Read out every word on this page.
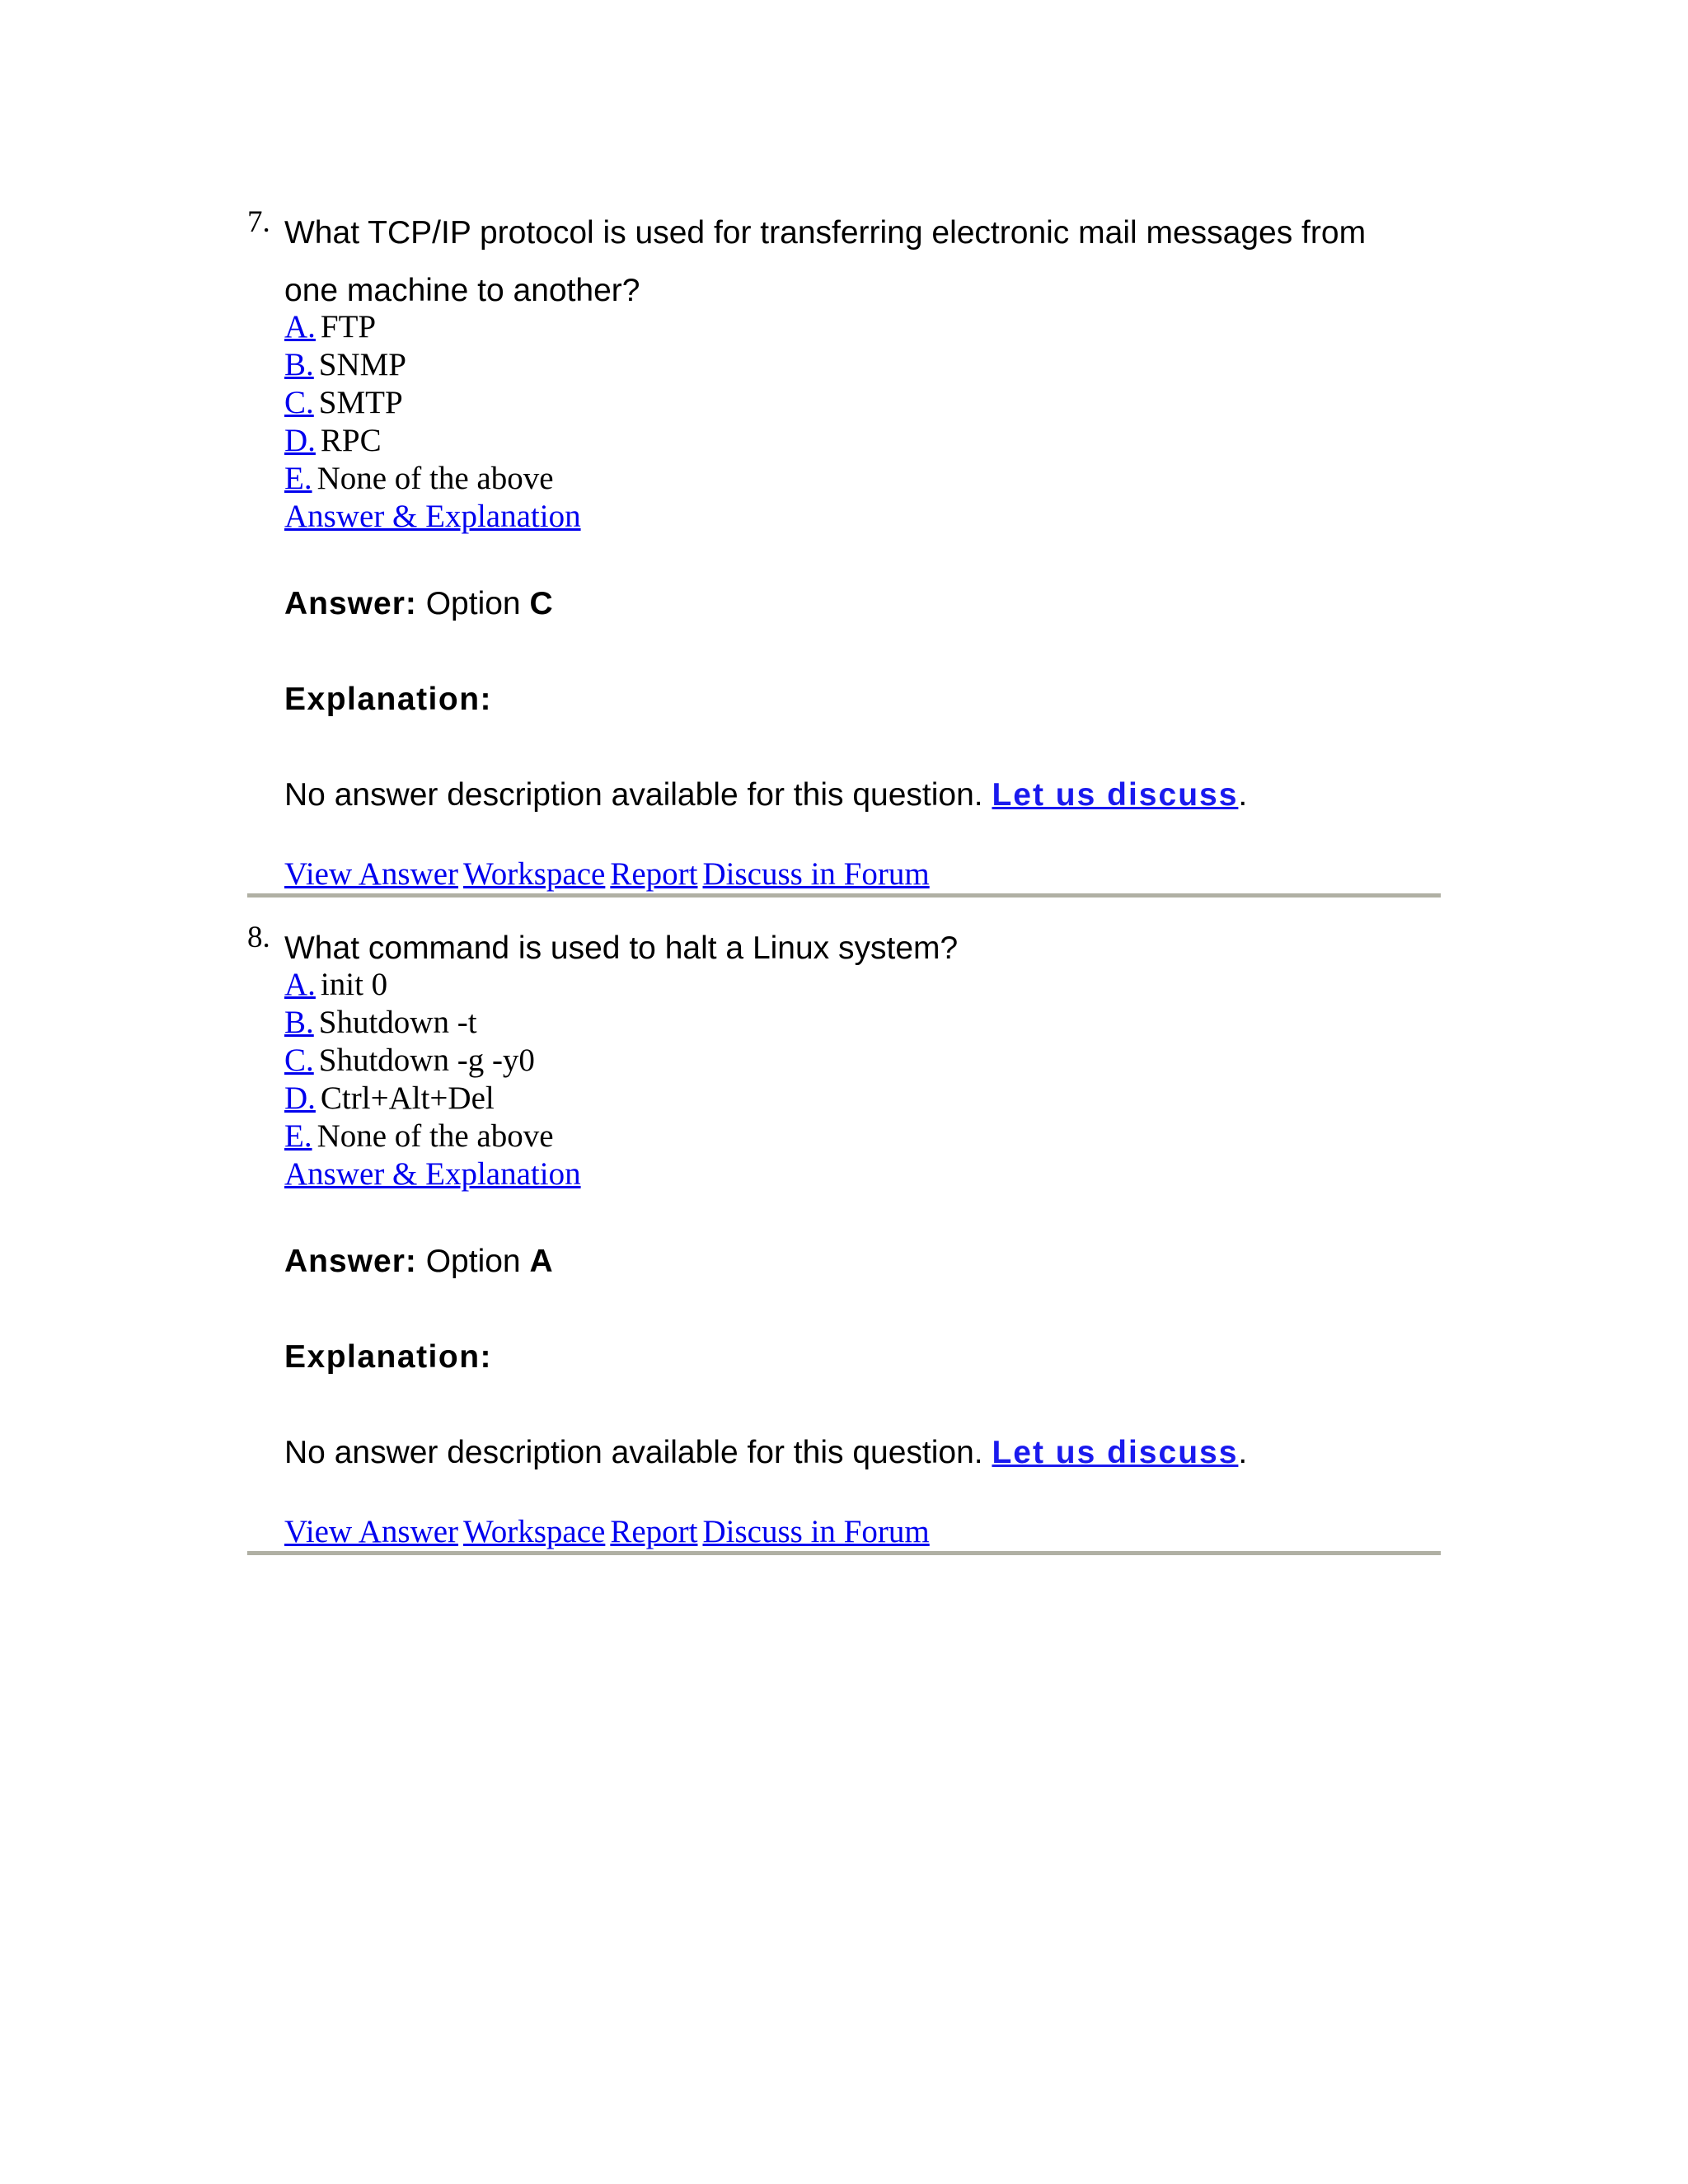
7. What TCP/IP protocol is used for transferring electronic mail messages from
one machine to another?
A. FTP
B. SNMP
C. SMTP
D. RPC
E. None of the above
Answer & Explanation
Answer: Option C
Explanation:
No answer description available for this question. Let us discuss.
View Answer Workspace Report Discuss in Forum
8. What command is used to halt a Linux system?
A. init 0
B. Shutdown -t
C. Shutdown -g -y0
D. Ctrl+Alt+Del
E. None of the above
Answer & Explanation
Answer: Option A
Explanation:
No answer description available for this question. Let us discuss.
View Answer Workspace Report Discuss in Forum
